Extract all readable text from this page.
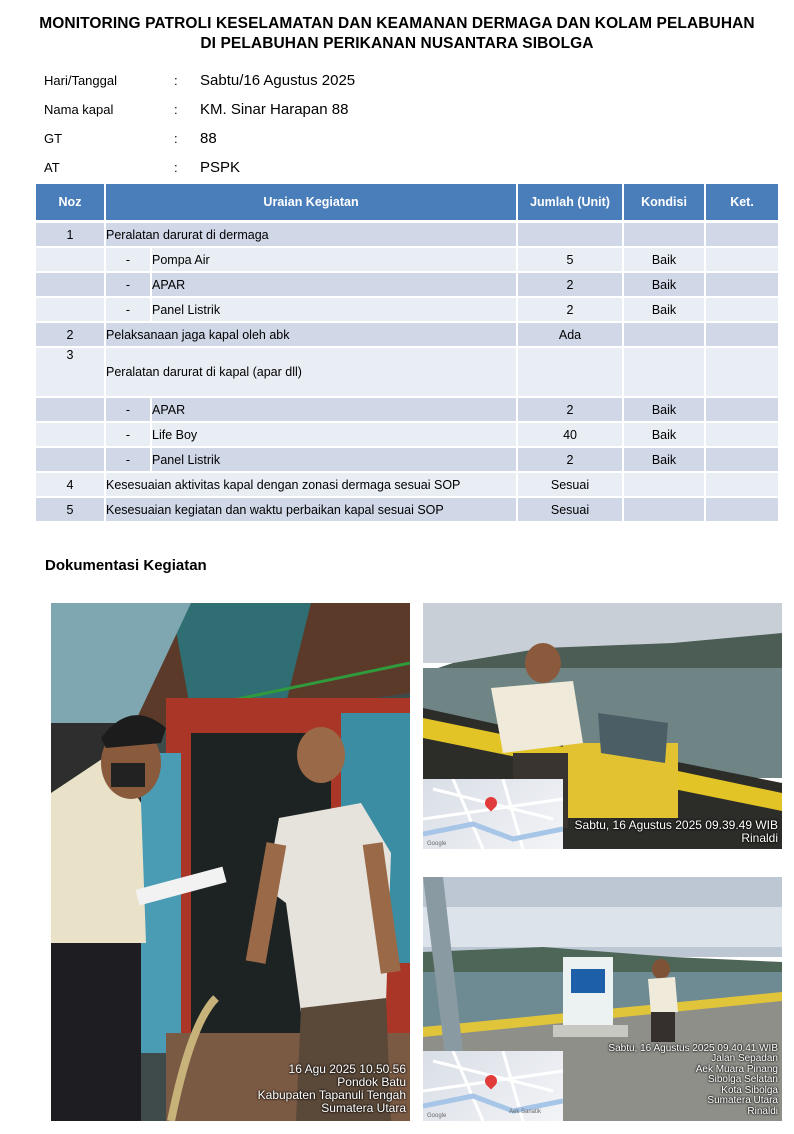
MONITORING PATROLI KESELAMATAN DAN KEAMANAN DERMAGA DAN KOLAM PELABUHAN
DI PELABUHAN PERIKANAN NUSANTARA SIBOLGA
Hari/Tanggal	:	Sabtu/16 Agustus 2025
Nama kapal	:	KM. Sinar Harapan 88
GT	:	88
AT	:	PSPK
Noz	Uraian Kegiatan		Jumlah (Unit)	Kondisi	Ket.
1	Peralatan darurat di dermaga				
	-	Pompa Air	5	Baik	
	-	APAR	2	Baik	
	-	Panel Listrik	2	Baik	
2	Pelaksanaan jaga kapal oleh abk		Ada		
3	Peralatan darurat di kapal (apar dll)				
	-	APAR	2	Baik	
	-	Life Boy	40	Baik	
	-	Panel Listrik	2	Baik	
4	Kesesuaian aktivitas kapal dengan zonasi dermaga sesuai SOP		Sesuai		
5	Kesesuaian kegiatan dan waktu perbaikan kapal sesuai SOP		Sesuai		
Dokumentasi Kegiatan
16 Agu 2025 10.50.56
Pondok Batu
Kabupaten Tapanuli Tengah
Sumatera Utara
Google
Sabtu, 16 Agustus 2025 09.39.49 WIB
Rinaldi
Aek Sanatik
Google
Sabtu, 16 Agustus 2025 09.40.41 WIB
Jalan Sepadan
Aek Muara Pinang
Sibolga Selatan
Kota Sibolga
Sumatera Utara
Rinaldi
